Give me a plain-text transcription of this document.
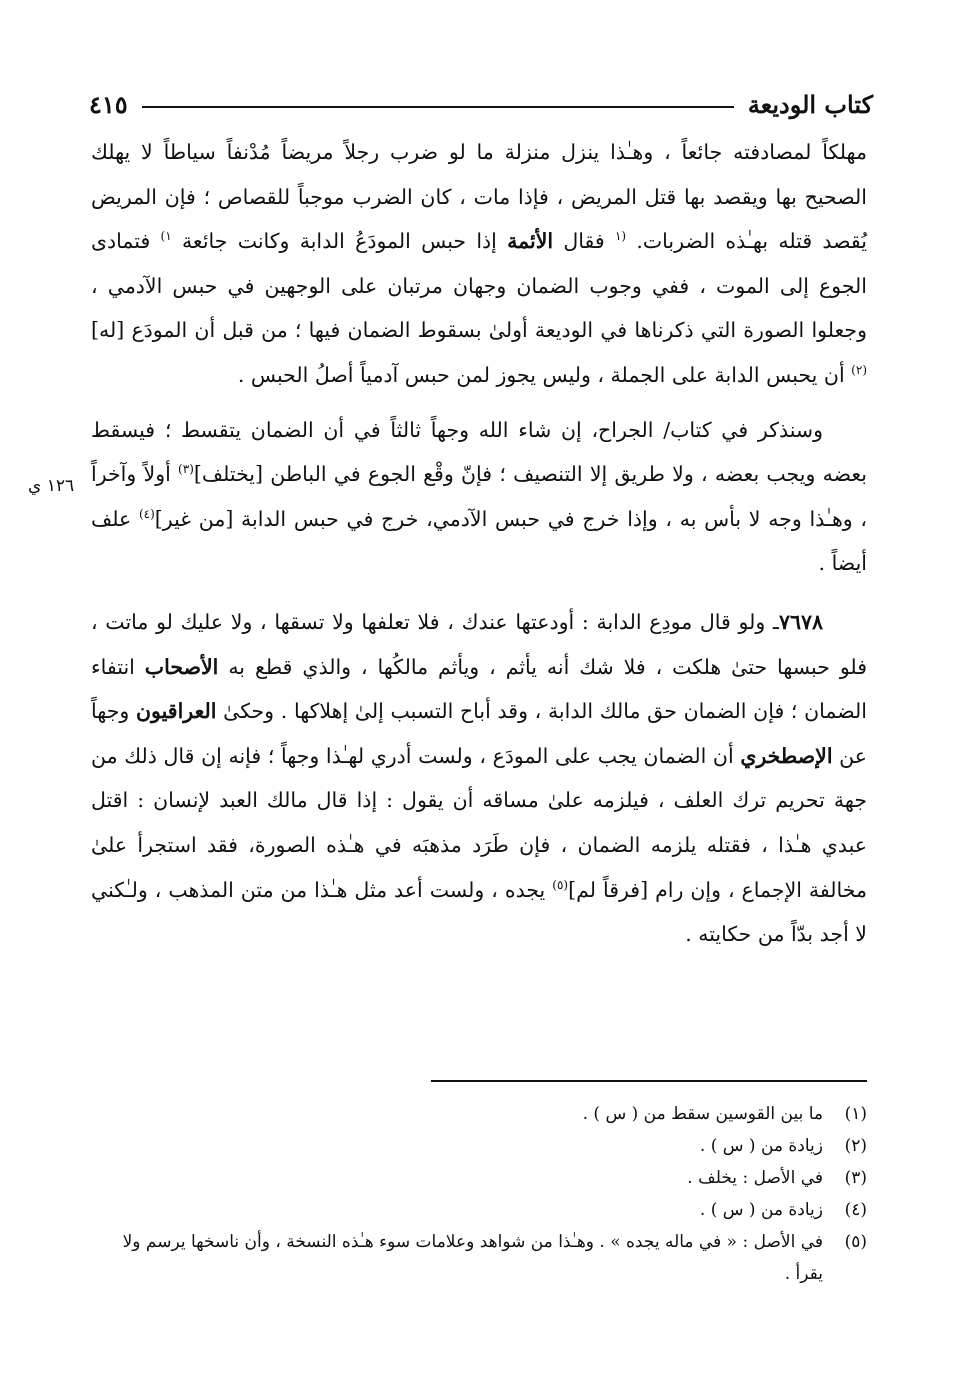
كتاب الوديعة
٤١٥
١٢٦ ي

مهلكاً لمصادفته جائعاً ، وهـٰذا ينزل منزلة ما لو ضرب رجلاً مريضاً مُدْنفاً سياطاً لا يهلك الصحيح بها ويقصد بها قتل المريض ، فإذا مات ، كان الضرب موجباً للقصاص ؛ فإن المريض يُقصد قتله بهـٰذه الضربات. $^{(١}$ فقال الأئمة إذا حبس المودَعُ الدابة وكانت جائعة $^{١)}$ فتمادى الجوع إلى الموت ، ففي وجوب الضمان وجهان مرتبان على الوجهين في حبس الآدمي ، وجعلوا الصورة التي ذكرناها في الوديعة أولىٰ بسقوط الضمان فيها ؛ من قبل أن المودَع [له]$^{(٢)}$ أن يحبس الدابة على الجملة ، وليس يجوز لمن حبس آدمياً أصلُ الحبس .

وسنذكر في كتاب/ الجراح، إن شاء الله وجهاً ثالثاً في أن الضمان يتقسط ؛ فيسقط بعضه ويجب بعضه ، ولا طريق إلا التنصيف ؛ فإنّ وقْع الجوع في الباطن [يختلف]$^{(٣)}$ أولاً وآخراً ، وهـٰذا وجه لا بأس به ، وإذا خرج في حبس الآدمي، خرج في حبس الدابة [من غير]$^{(٤)}$ علف أيضاً .

٧٦٧٨ـ ولو قال مودِع الدابة : أودعتها عندك ، فلا تعلفها ولا تسقها ، ولا عليك لو ماتت ، فلو حبسها حتىٰ هلكت ، فلا شك أنه يأثم ، ويأثم مالكُها ، والذي قطع به الأصحاب انتفاء الضمان ؛ فإن الضمان حق مالك الدابة ، وقد أباح التسبب إلىٰ إهلاكها . وحكىٰ العراقيون وجهاً عن الإصطخري أن الضمان يجب على المودَع ، ولست أدري لهـٰذا وجهاً ؛ فإنه إن قال ذلك من جهة تحريم ترك العلف ، فيلزمه علىٰ مساقه أن يقول : إذا قال مالك العبد لإنسان : اقتل عبدي هـٰذا ، فقتله يلزمه الضمان ، فإن طَرَد مذهبَه في هـٰذه الصورة، فقد استجرأ علىٰ مخالفة الإجماع ، وإن رام [فرقاً لم]$^{(٥)}$ يجده ، ولست أعد مثل هـٰذا من متن المذهب ، ولـٰكني لا أجد بدّاً من حكايته .

(١)
ما بين القوسين سقط من ( س ) .
(٢)
زيادة من ( س ) .
(٣)
في الأصل : يخلف .
(٤)
زيادة من ( س ) .
(٥)
في الأصل : « في ماله يجده » . وهـٰذا من شواهد وعلامات سوء هـٰذه النسخة ، وأن ناسخها يرسم ولا يقرأ .
